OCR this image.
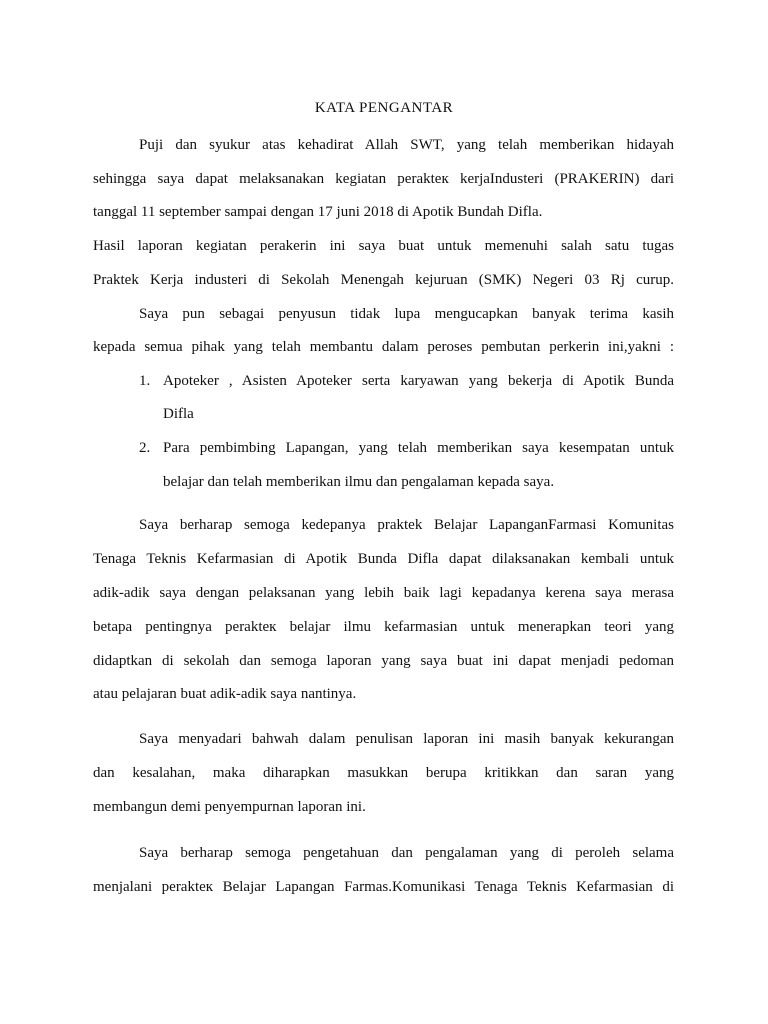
KATA PENGANTAR
Puji dan syukur atas kehadirat Allah SWT, yang telah memberikan hidayah
sehingga saya dapat melaksanakan kegiatan perakteк kerjaIndusteri (PRAKERIN) dari
tanggal 11 september sampai dengan 17 juni 2018 di Apotik Bundah Difla.
Hasil laporan kegiatan perakerin ini saya buat untuk memenuhi salah satu tugas
Praktek Kerja industeri di Sekolah Menengah kejuruan (SMK) Negeri 03 Rj curup.
Saya pun sebagai penyusun tidak lupa mengucapkan banyak terima kasih
kepada semua pihak yang telah membantu dalam peroses pembutan perkerin ini,yakni :
1. Apoteker , Asisten Apoteker serta karyawan yang bekerja di Apotik Bunda
Difla
2. Para pembimbing Lapangan, yang telah memberikan saya kesempatan untuk
belajar dan telah memberikan ilmu dan pengalaman kepada saya.
Saya berharap semoga kedepanya praktek Belajar LapanganFarmasi Komunitas
Tenaga Teknis Kefarmasian di Apotik Bunda Difla dapat dilaksanakan kembali untuk
adik-adik saya dengan pelaksanan yang lebih baik lagi kepadanya kerena saya merasa
betapa pentingnya perakteк belajar ilmu kefarmasian untuk menerapkan teori yang
didaptkan di sekolah dan semoga laporan yang saya buat ini dapat menjadi pedoman
atau pelajaran buat adik-adik saya nantinya.
Saya menyadari bahwah dalam penulisan laporan ini masih banyak kekurangan
dan kesalahan, maka diharapkan masukkan berupa kritikkan dan saran yang
membangun demi penyempurnan laporan ini.
Saya berharap semoga pengetahuan dan pengalaman yang di peroleh selama
menjalani perakteк Belajar Lapangan Farmas.Komunikasi Tenaga Teknis Kefarmasian di
